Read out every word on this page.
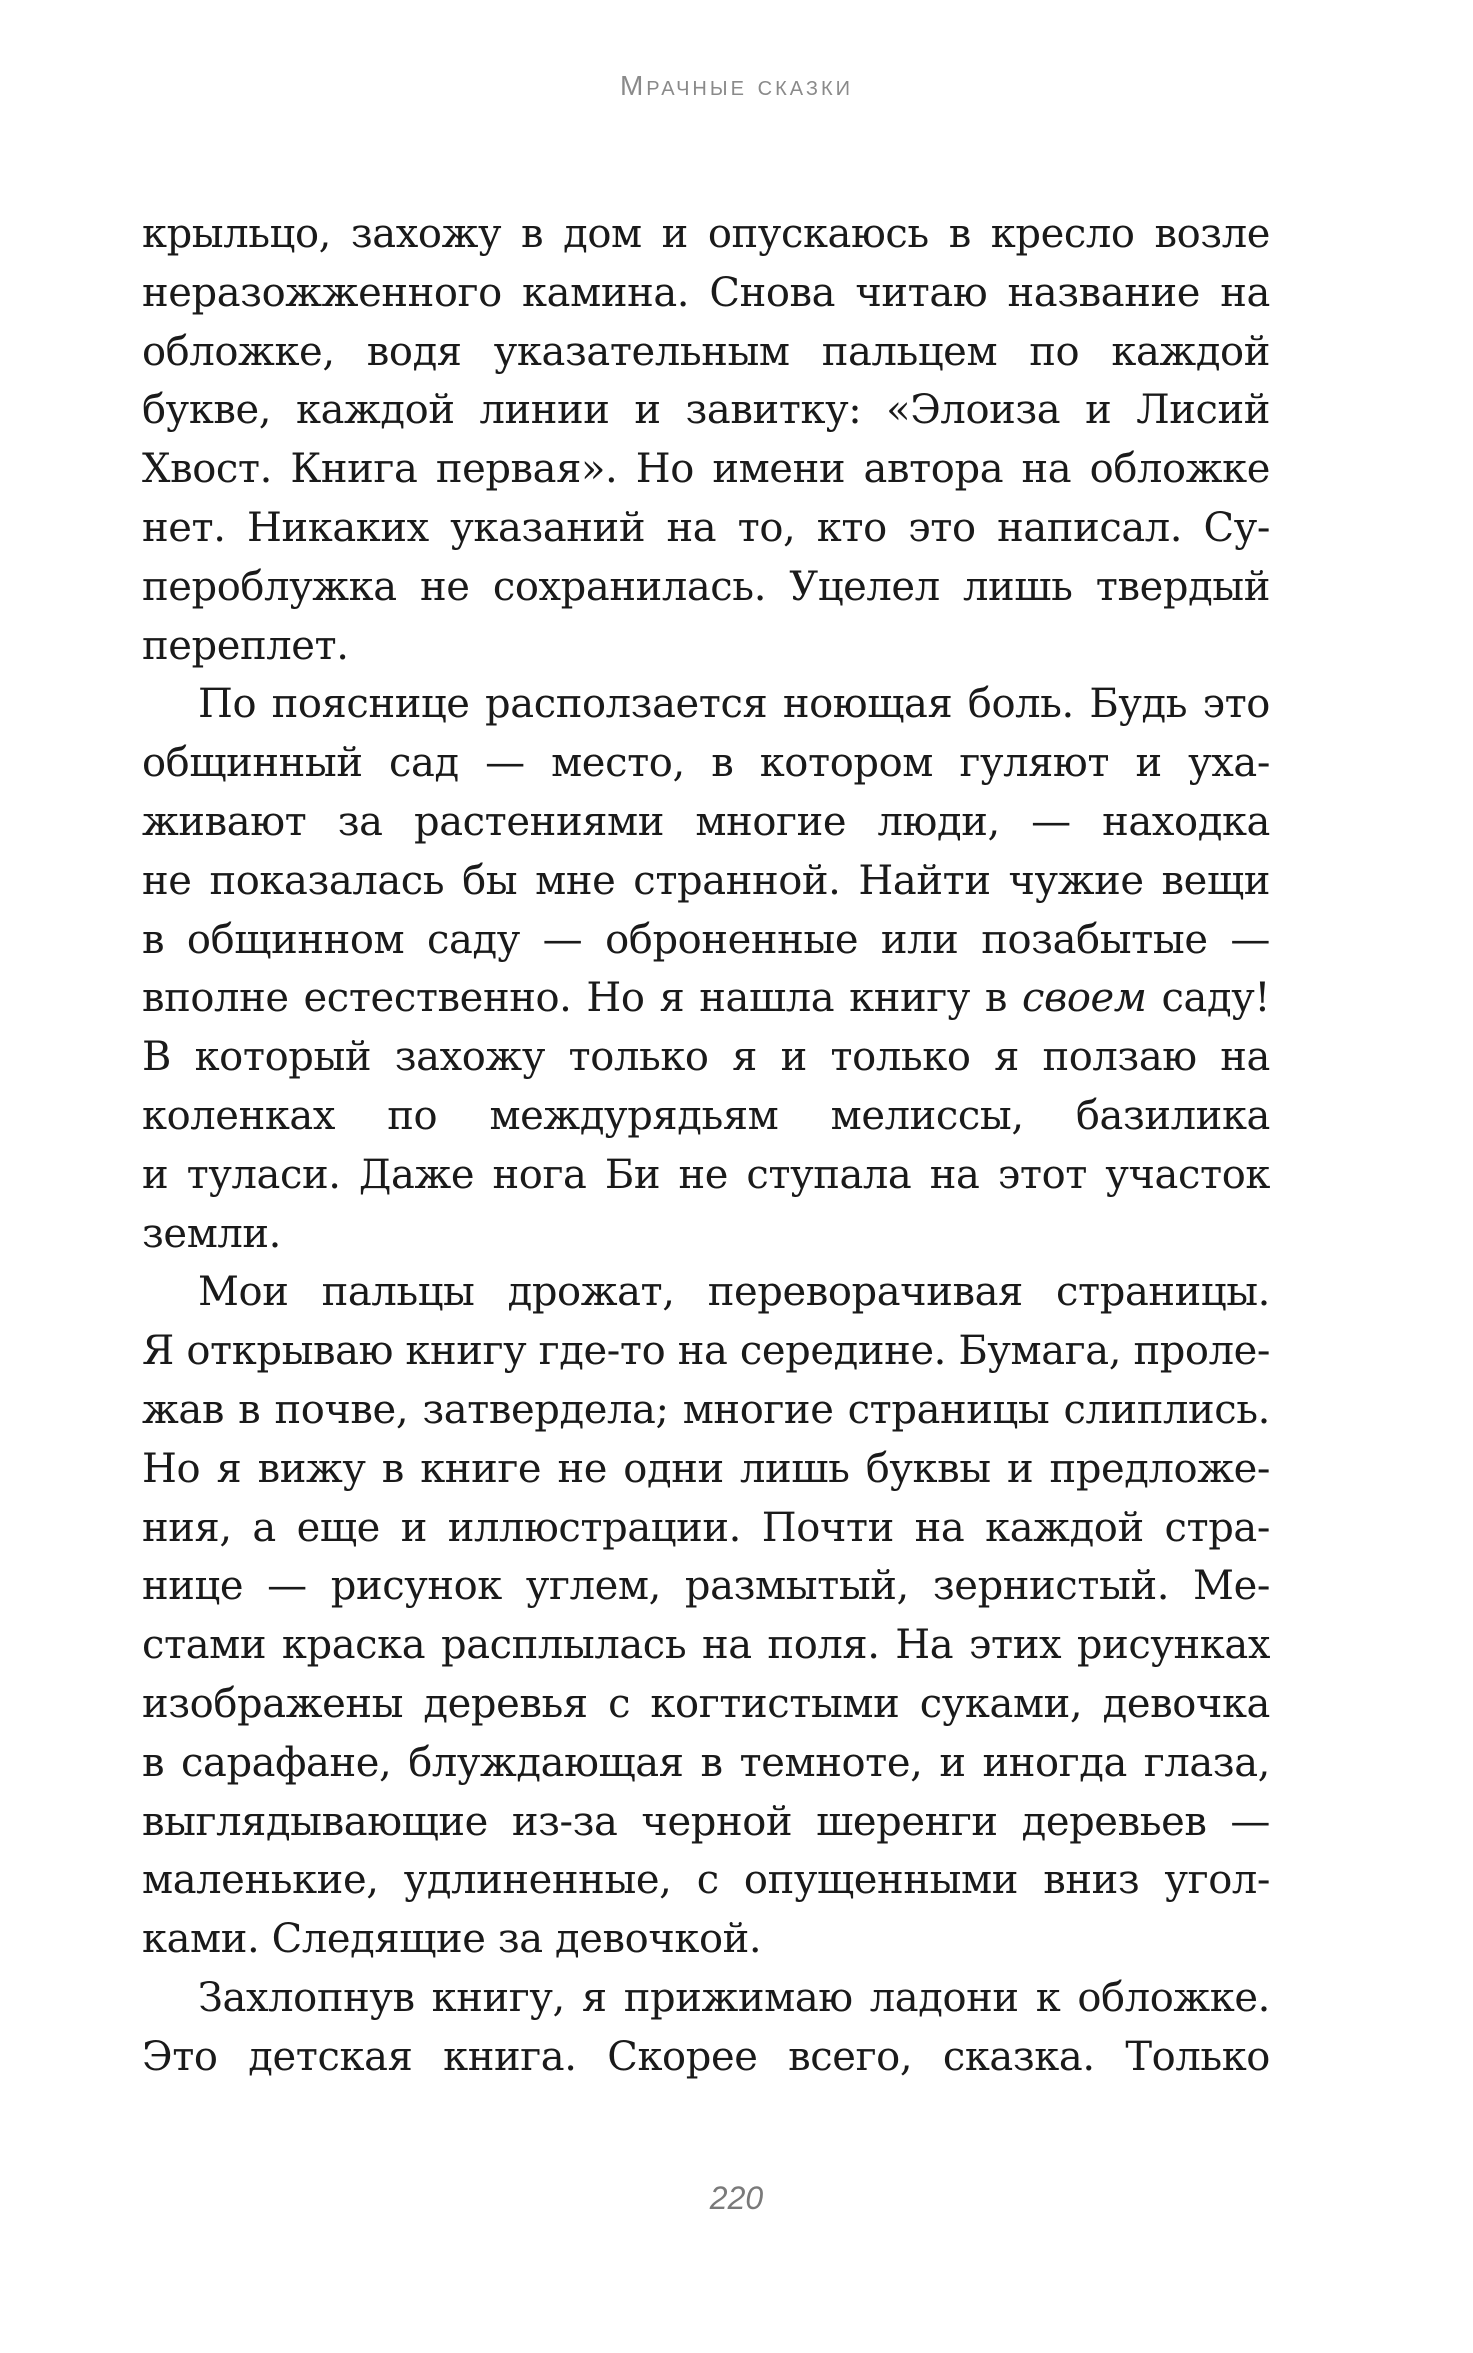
Мрачные сказки
крыльцо, захожу в дом и опускаюсь в кресло возле
неразожженного камина. Снова читаю название на
обложке, водя указательным пальцем по каждой
букве, каждой линии и завитку: «Элоиза и Лисий
Хвост. Книга первая». Но имени автора на обложке
нет. Никаких указаний на то, кто это написал. Су-
пероблужка не сохранилась. Уцелел лишь твердый
переплет.
По пояснице расползается ноющая боль. Будь это
общинный сад — место, в котором гуляют и уха-
живают за растениями многие люди, — находка
не показалась бы мне странной. Найти чужие вещи
в общинном саду — оброненные или позабытые —
вполне естественно. Но я нашла книгу в своем саду!
В который захожу только я и только я ползаю на
коленках по междурядьям мелиссы, базилика
и туласи. Даже нога Би не ступала на этот участок
земли.
Мои пальцы дрожат, переворачивая страницы.
Я открываю книгу где-то на середине. Бумага, проле-
жав в почве, затвердела; многие страницы слиплись.
Но я вижу в книге не одни лишь буквы и предложе-
ния, а еще и иллюстрации. Почти на каждой стра-
нице — рисунок углем, размытый, зернистый. Ме-
стами краска расплылась на поля. На этих рисунках
изображены деревья с когтистыми суками, девочка
в сарафане, блуждающая в темноте, и иногда глаза,
выглядывающие из-за черной шеренги деревьев —
маленькие, удлиненные, с опущенными вниз угол-
ками. Следящие за девочкой.
Захлопнув книгу, я прижимаю ладони к обложке.
Это детская книга. Скорее всего, сказка. Только
220
